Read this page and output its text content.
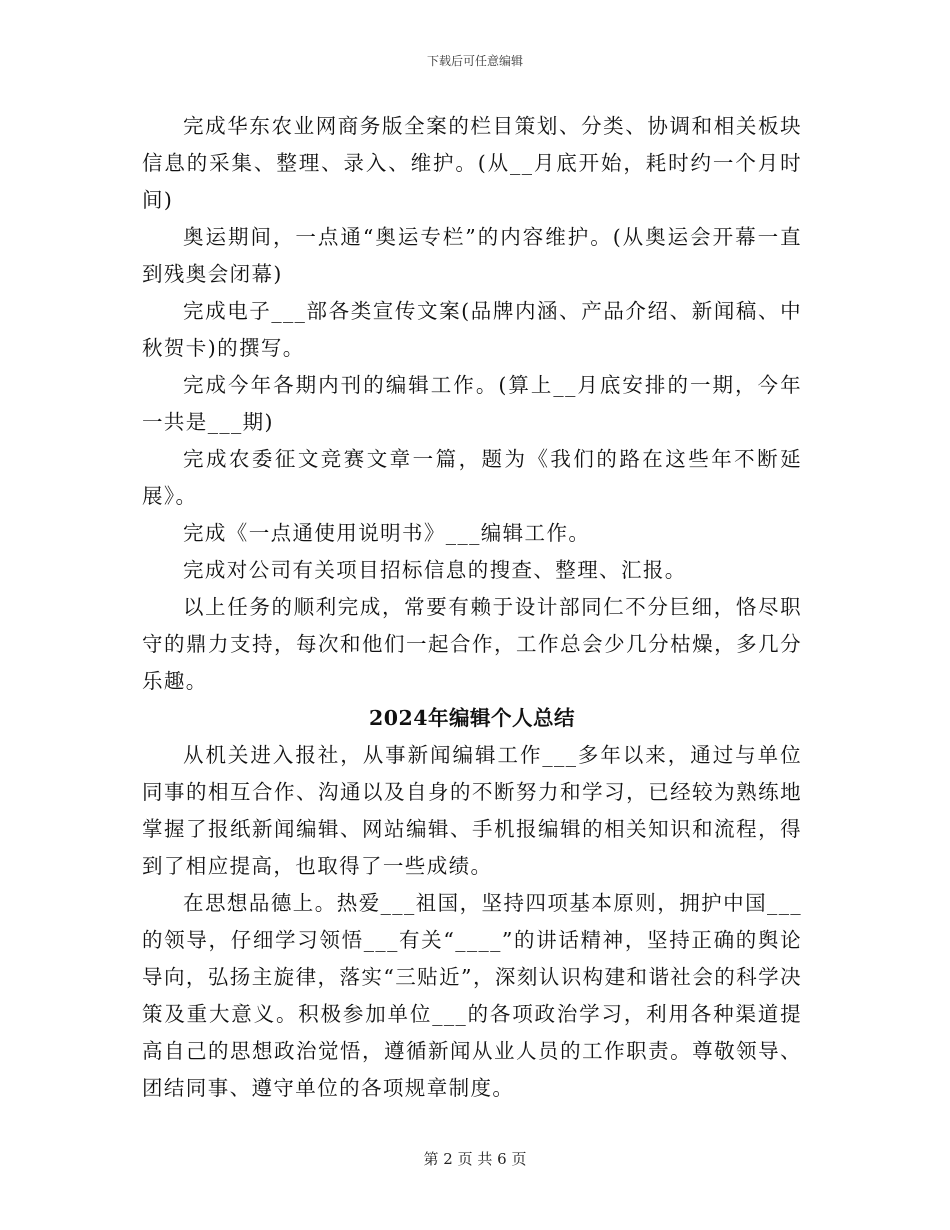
下载后可任意编辑

完成华东农业网商务版全案的栏目策划、分类、协调和相关板块信息的采集、整理、录入、维护。(从__月底开始，耗时约一个月时间)

奥运期间，一点通“奥运专栏”的内容维护。(从奥运会开幕一直到残奥会闭幕)

完成电子___部各类宣传文案(品牌内涵、产品介绍、新闻稿、中秋贺卡)的撰写。

完成今年各期内刊的编辑工作。(算上__月底安排的一期，今年一共是___期)

完成农委征文竞赛文章一篇，题为《我们的路在这些年不断延展》。

完成《一点通使用说明书》___编辑工作。

完成对公司有关项目招标信息的搜查、整理、汇报。

以上任务的顺利完成，常要有赖于设计部同仁不分巨细，恪尽职守的鼎力支持，每次和他们一起合作，工作总会少几分枯燥，多几分乐趣。

2024年编辑个人总结

从机关进入报社，从事新闻编辑工作___多年以来，通过与单位同事的相互合作、沟通以及自身的不断努力和学习，已经较为熟练地掌握了报纸新闻编辑、网站编辑、手机报编辑的相关知识和流程，得到了相应提高，也取得了一些成绩。

在思想品德上。热爱___祖国，坚持四项基本原则，拥护中国___的领导，仔细学习领悟___有关“____”的讲话精神，坚持正确的舆论导向，弘扬主旋律，落实“三贴近”，深刻认识构建和谐社会的科学决策及重大意义。积极参加单位___的各项政治学习，利用各种渠道提高自己的思想政治觉悟，遵循新闻从业人员的工作职责。尊敬领导、团结同事、遵守单位的各项规章制度。

第 2 页 共 6 页
